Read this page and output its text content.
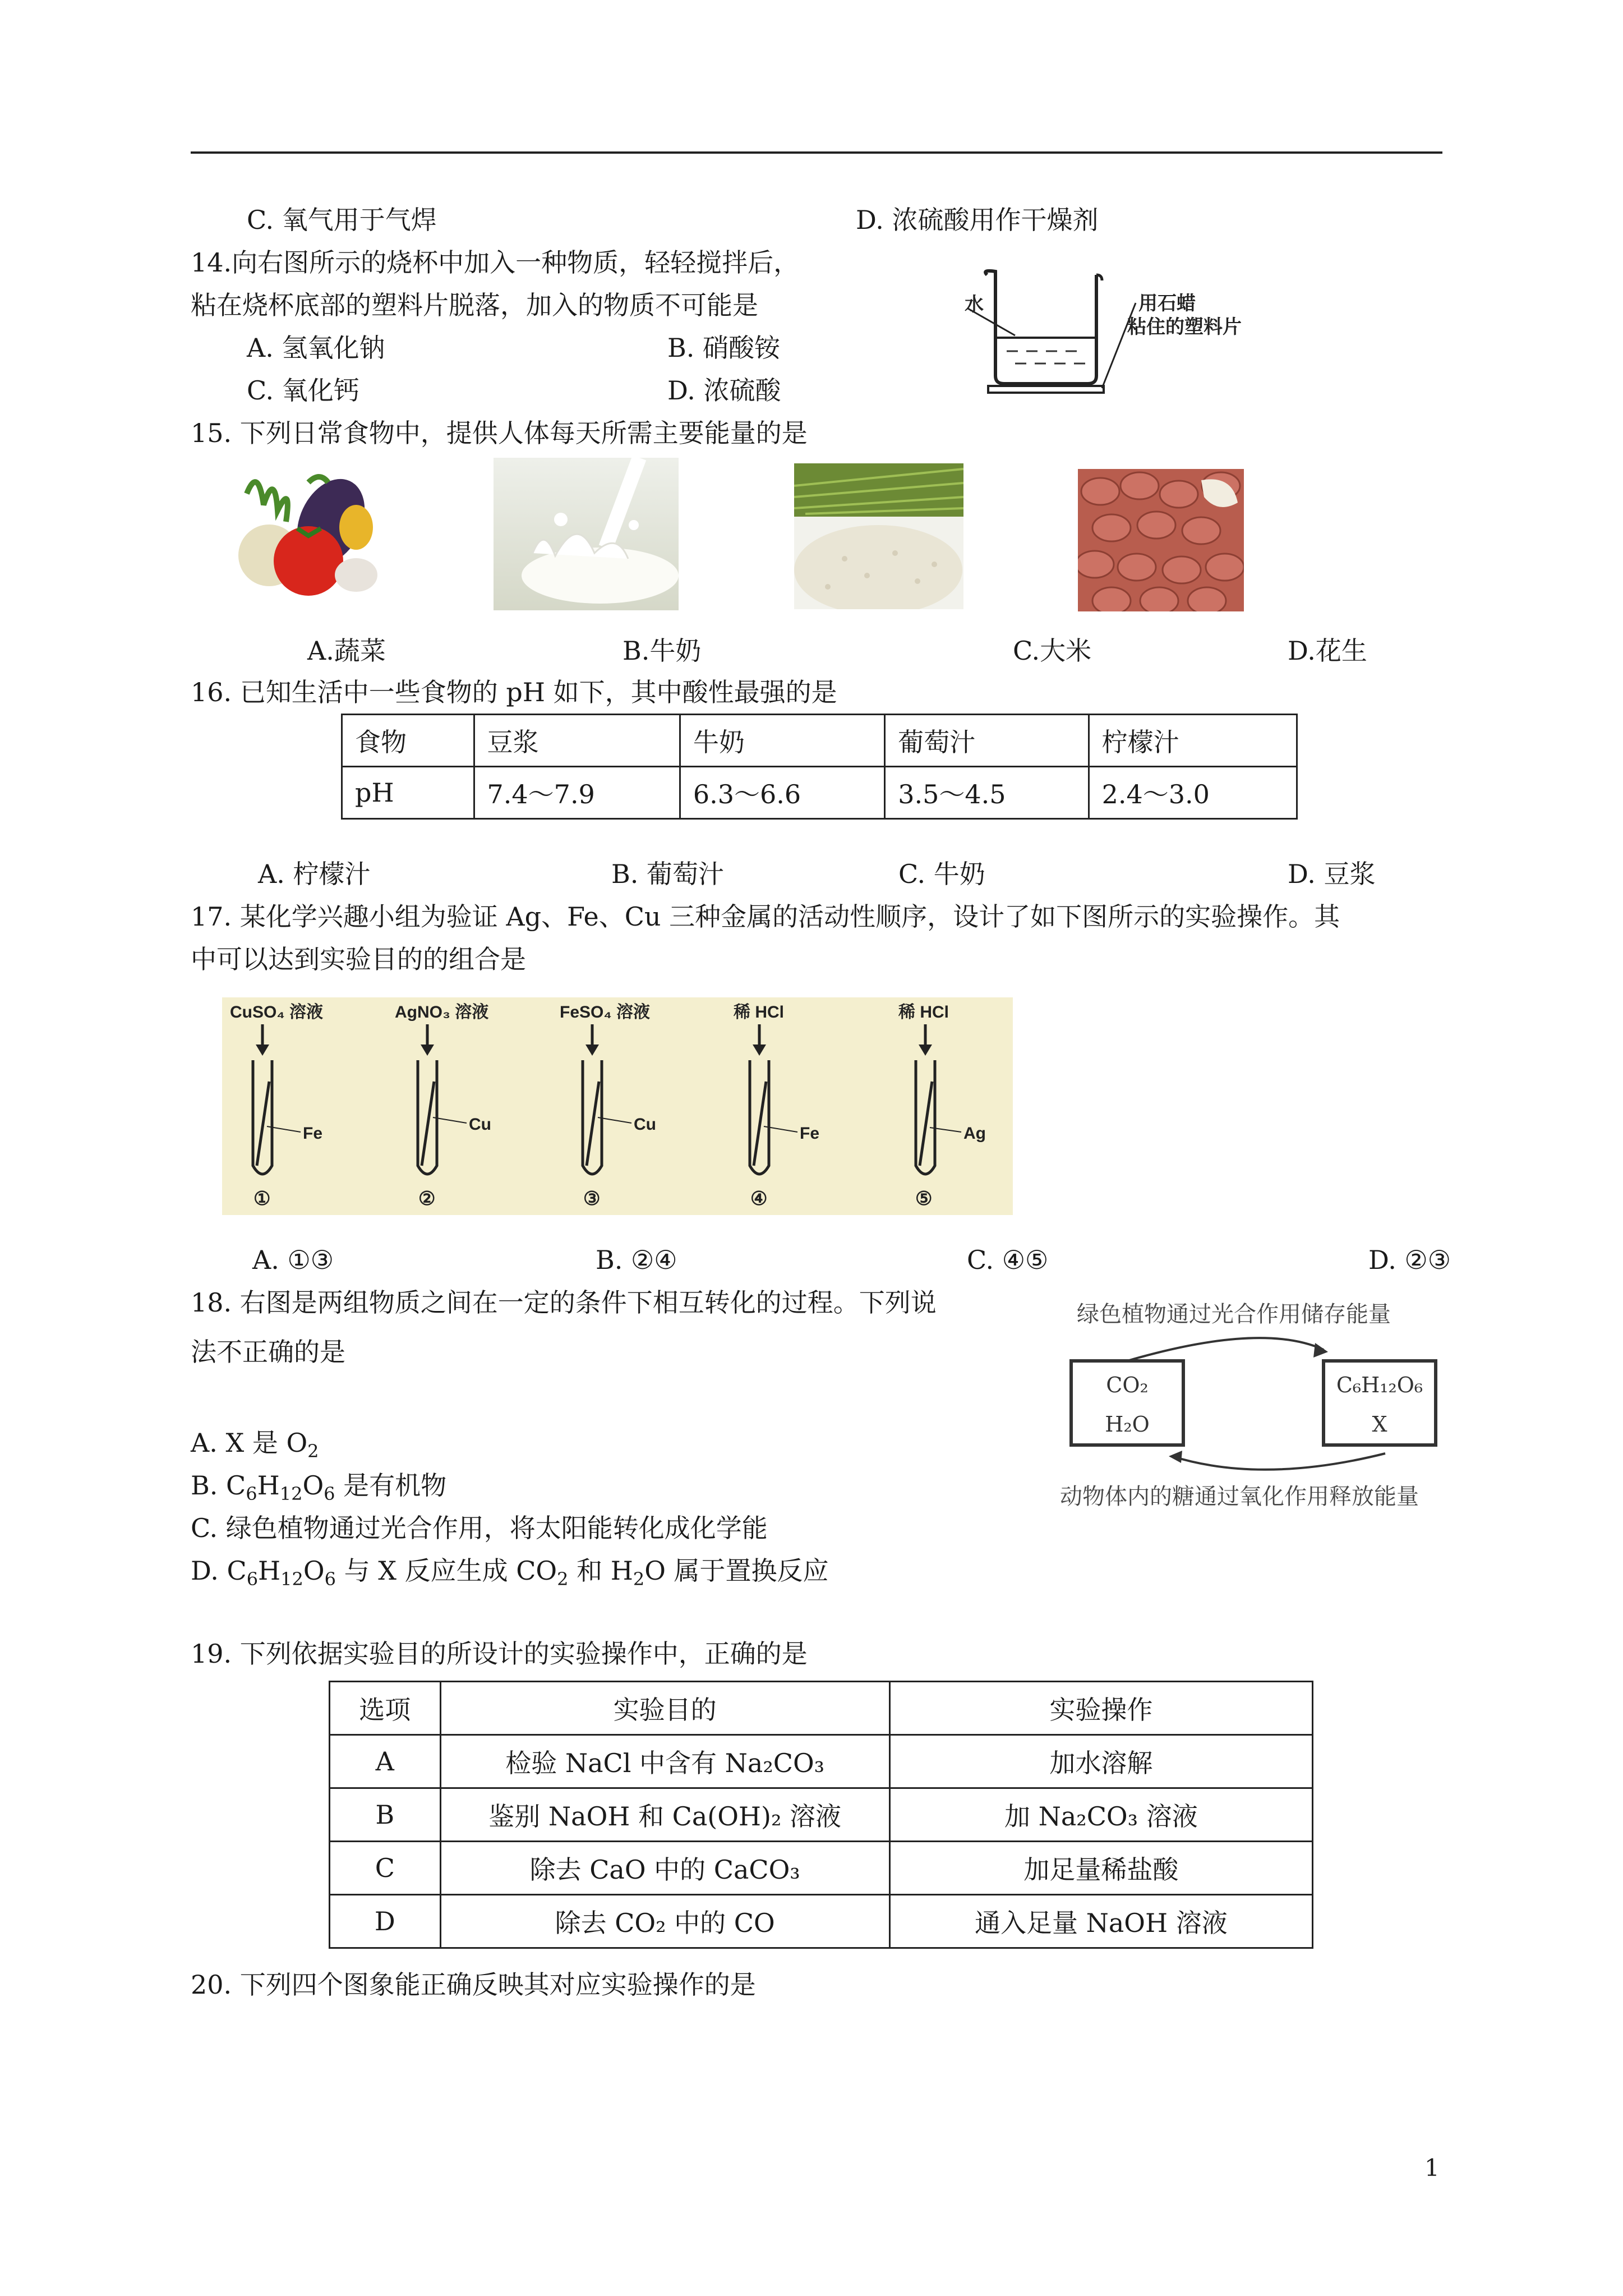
C. 氧气用于气焊	D. 浓硫酸用作干燥剂
14.向右图所示的烧杯中加入一种物质，轻轻搅拌后，
粘在烧杯底部的塑料片脱落，加入的物质不可能是
A. 氢氧化钠	B. 硝酸铵
C. 氧化钙	D. 浓硫酸
水	用石蜡
粘住的塑料片
15. 下列日常食物中，提供人体每天所需主要能量的是
A.蔬菜	B.牛奶	C.大米	D.花生
16. 已知生活中一些食物的 pH 如下，其中酸性最强的是
食物	豆浆	牛奶	葡萄汁	柠檬汁
pH	7.4～7.9	6.3～6.6	3.5～4.5	2.4～3.0
A. 柠檬汁	B. 葡萄汁	C. 牛奶	D. 豆浆
17. 某化学兴趣小组为验证 Ag、Fe、Cu 三种金属的活动性顺序，设计了如下图所示的实验操作。其
中可以达到实验目的的组合是
CuSO₄ 溶液
Fe
①
AgNO₃ 溶液
Cu
②
FeSO₄ 溶液
Cu
③
稀 HCl
Fe
④
稀 HCl
Ag
⑤
A. ①③	B. ②④	C. ④⑤	D. ②③
18. 右图是两组物质之间在一定的条件下相互转化的过程。下列说
法不正确的是
绿色植物通过光合作用储存能量
动物体内的糖通过氧化作用释放能量
CO₂
H₂O
C₆H₁₂O₆
X
A. X 是 $O_2$
B. $C_6H_{12}O_6$ 是有机物
C. 绿色植物通过光合作用，将太阳能转化成化学能
D. $C_6H_{12}O_6$ 与 X 反应生成 $CO_2$ 和 $H_2O$ 属于置换反应
19. 下列依据实验目的所设计的实验操作中，正确的是
选项	实验目的	实验操作
A	检验 NaCl 中含有 Na₂CO₃	加水溶解
B	鉴别 NaOH 和 Ca(OH)₂ 溶液	加 Na₂CO₃ 溶液
C	除去 CaO 中的 CaCO₃	加足量稀盐酸
D	除去 CO₂ 中的 CO	通入足量 NaOH 溶液
20. 下列四个图象能正确反映其对应实验操作的是
1
